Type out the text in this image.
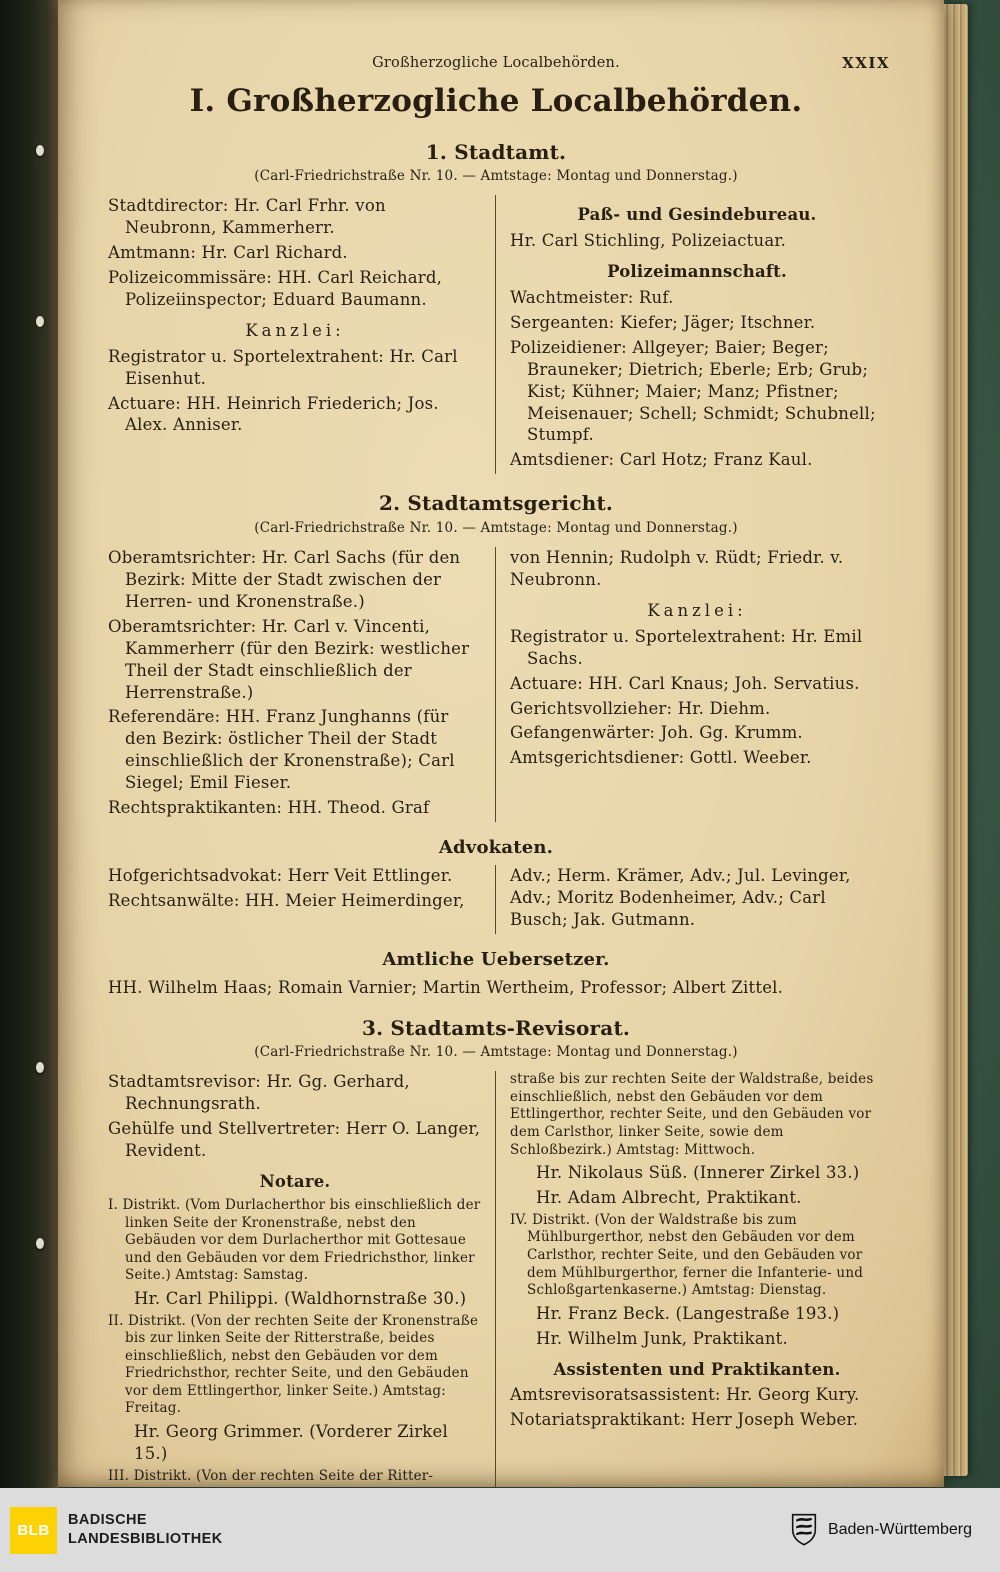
Großherzogliche Localbehörden.	XXIX
I. Großherzogliche Localbehörden.
1. Stadtamt.
(Carl-Friedrichstraße Nr. 10. — Amtstage: Montag und Donnerstag.)

Stadtdirector: Hr. Carl Frhr. von Neubronn, Kammerherr.

Amtmann: Hr. Carl Richard.

Polizeicommissäre: HH. Carl Reichard, Polizeiinspector; Eduard Baumann.

Kanzlei:

Registrator u. Sportelextrahent: Hr. Carl Eisenhut.

Actuare: HH. Heinrich Friederich; Jos. Alex. Anniser.

Paß- und Gesindebureau.

Hr. Carl Stichling, Polizeiactuar.

Polizeimannschaft.

Wachtmeister: Ruf.

Sergeanten: Kiefer; Jäger; Itschner.

Polizeidiener: Allgeyer; Baier; Beger; Brauneker; Dietrich; Eberle; Erb; Grub; Kist; Kühner; Maier; Manz; Pfistner; Meisenauer; Schell; Schmidt; Schubnell; Stumpf.

Amtsdiener: Carl Hotz; Franz Kaul.

2. Stadtamtsgericht.
(Carl-Friedrichstraße Nr. 10. — Amtstage: Montag und Donnerstag.)

Oberamtsrichter: Hr. Carl Sachs (für den Bezirk: Mitte der Stadt zwischen der Herren- und Kronenstraße.)

Oberamtsrichter: Hr. Carl v. Vincenti, Kammerherr (für den Bezirk: westlicher Theil der Stadt einschließlich der Herrenstraße.)

Referendäre: HH. Franz Junghanns (für den Bezirk: östlicher Theil der Stadt einschließlich der Kronenstraße); Carl Siegel; Emil Fieser.

Rechtspraktikanten: HH. Theod. Graf

von Hennin; Rudolph v. Rüdt; Friedr. v. Neubronn.

Kanzlei:

Registrator u. Sportelextrahent: Hr. Emil Sachs.

Actuare: HH. Carl Knaus; Joh. Servatius.

Gerichtsvollzieher: Hr. Diehm.

Gefangenwärter: Joh. Gg. Krumm.

Amtsgerichtsdiener: Gottl. Weeber.

Advokaten.

Hofgerichtsadvokat: Herr Veit Ettlinger.

Rechtsanwälte: HH. Meier Heimerdinger,

Adv.; Herm. Krämer, Adv.; Jul. Levinger, Adv.; Moritz Bodenheimer, Adv.; Carl Busch; Jak. Gutmann.

Amtliche Uebersetzer.

HH. Wilhelm Haas; Romain Varnier; Martin Wertheim, Professor; Albert Zittel.

3. Stadtamts-Revisorat.
(Carl-Friedrichstraße Nr. 10. — Amtstage: Montag und Donnerstag.)

Stadtamtsrevisor: Hr. Gg. Gerhard, Rechnungsrath.

Gehülfe und Stellvertreter: Herr O. Langer, Revident.

Notare.

I. Distrikt. (Vom Durlacherthor bis einschließlich der linken Seite der Kronenstraße, nebst den Gebäuden vor dem Durlacherthor mit Gottesaue und den Gebäuden vor dem Friedrichsthor, linker Seite.) Amtstag: Samstag.

Hr. Carl Philippi. (Waldhornstraße 30.)

II. Distrikt. (Von der rechten Seite der Kronenstraße bis zur linken Seite der Ritterstraße, beides einschließlich, nebst den Gebäuden vor dem Friedrichsthor, rechter Seite, und den Gebäuden vor dem Ettlingerthor, linker Seite.) Amtstag: Freitag.

Hr. Georg Grimmer. (Vorderer Zirkel 15.)

III. Distrikt. (Von der rechten Seite der Ritter-

straße bis zur rechten Seite der Waldstraße, beides einschließlich, nebst den Gebäuden vor dem Ettlingerthor, rechter Seite, und den Gebäuden vor dem Carlsthor, linker Seite, sowie dem Schloßbezirk.) Amtstag: Mittwoch.

Hr. Nikolaus Süß. (Innerer Zirkel 33.)

Hr. Adam Albrecht, Praktikant.

IV. Distrikt. (Von der Waldstraße bis zum Mühlburgerthor, nebst den Gebäuden vor dem Carlsthor, rechter Seite, und den Gebäuden vor dem Mühlburgerthor, ferner die Infanterie- und Schloßgartenkaserne.) Amtstag: Dienstag.

Hr. Franz Beck. (Langestraße 193.)

Hr. Wilhelm Junk, Praktikant.

Assistenten und Praktikanten.

Amtsrevisoratsassistent: Hr. Georg Kury.

Notariatspraktikant: Herr Joseph Weber.

BLB
BADISCHE
LANDESBIBLIOTHEK
Baden-Württemberg
